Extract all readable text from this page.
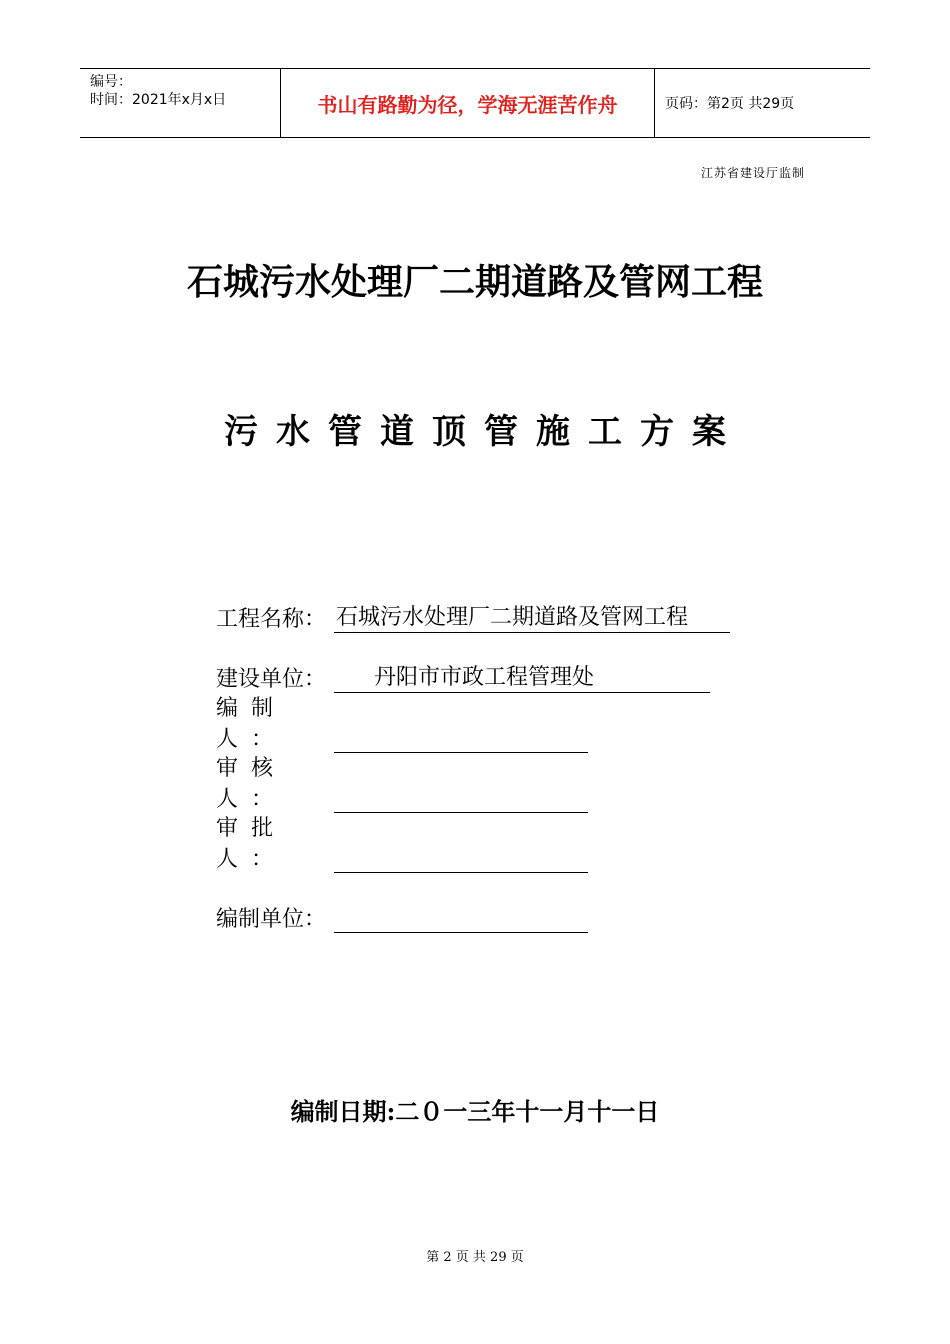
编号：
时间：2021年x月x日	书山有路勤为径，学海无涯苦作舟	页码：第2页 共29页
江苏省建设厅监制
石城污水处理厂二期道路及管网工程
污水管道顶管施工方案
工程名称： 石城污水处理厂二期道路及管网工程
建设单位：	丹阳市市政工程管理处
编制人：
审核人：
审批人：
编制单位：
编制日期:二０一三年十一月十一日
第 2 页 共 29 页
